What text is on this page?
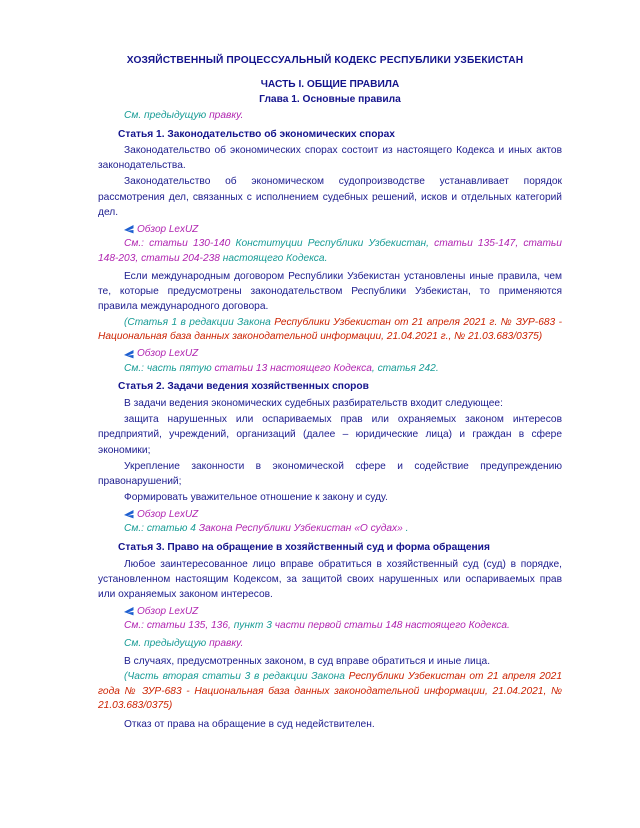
ХОЗЯЙСТВЕННЫЙ ПРОЦЕССУАЛЬНЫЙ КОДЕКС РЕСПУБЛИКИ УЗБЕКИСТАН
ЧАСТЬ I. ОБЩИЕ ПРАВИЛА
Глава 1. Основные правила
См. предыдущую правку.
Статья 1. Законодательство об экономических спорах

Законодательство об экономических спорах состоит из настоящего Кодекса и иных актов законодательства.

Законодательство об экономическом судопроизводстве устанавливает порядок рассмотрения дел, связанных с исполнением судебных решений, исков и отдельных категорий дел.

Обзор LexUZ
См.: статьи 130-140 Конституции Республики Узбекистан, статьи 135-147, статьи 148-203, статьи 204-238 настоящего Кодекса.

Если международным договором Республики Узбекистан установлены иные правила, чем те, которые предусмотрены законодательством Республики Узбекистан, то применяются правила международного договора.

(Статья 1 в редакции Закона Республики Узбекистан от 21 апреля 2021 г. № ЗУР-683 - Национальная база данных законодательной информации, 21.04.2021 г., № 21.03.683/0375)
Обзор LexUZ
См.: часть пятую статьи 13 настоящего Кодекса, статья 242.
Статья 2. Задачи ведения хозяйственных споров

В задачи ведения экономических судебных разбирательств входит следующее:

защита нарушенных или оспариваемых прав или охраняемых законом интересов предприятий, учреждений, организаций (далее – юридические лица) и граждан в сфере экономики;

Укрепление законности в экономической сфере и содействие предупреждению правонарушений;

Формировать уважительное отношение к закону и суду.

Обзор LexUZ
См.: статью 4 Закона Республики Узбекистан «О судах» .
Статья 3. Право на обращение в хозяйственный суд и форма обращения

Любое заинтересованное лицо вправе обратиться в хозяйственный суд (суд) в порядке, установленном настоящим Кодексом, за защитой своих нарушенных или оспариваемых прав или охраняемых законом интересов.

Обзор LexUZ
См.: статьи 135, 136, пункт 3 части первой статьи 148 настоящего Кодекса.
См. предыдущую правку.

В случаях, предусмотренных законом, в суд вправе обратиться и иные лица.

(Часть вторая статьи 3 в редакции Закона Республики Узбекистан от 21 апреля 2021 года № ЗУР-683 - Национальная база данных законодательной информации, 21.04.2021, № 21.03.683/0375)

Отказ от права на обращение в суд недействителен.
